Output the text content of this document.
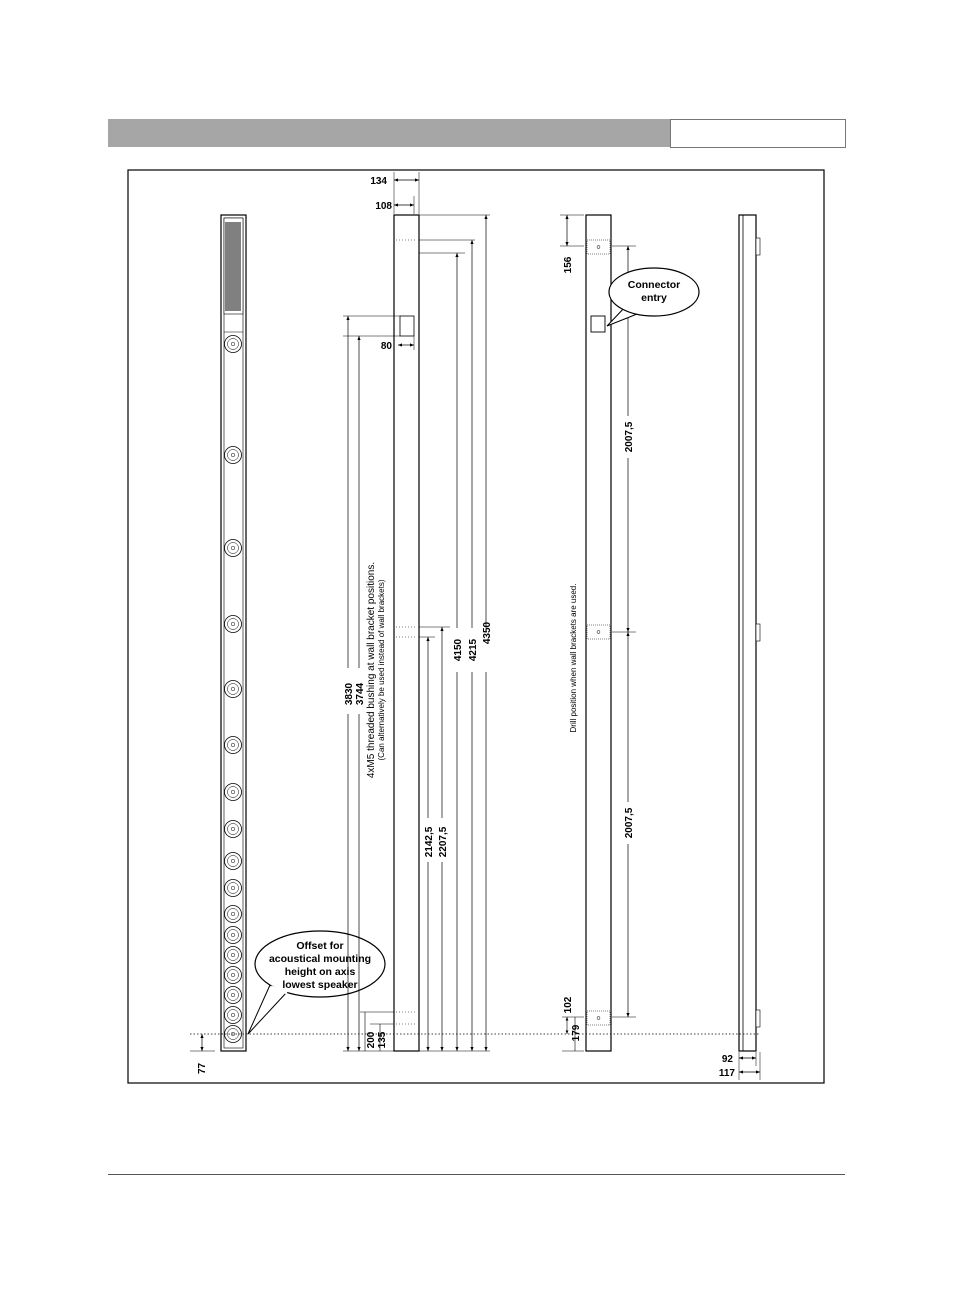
77
Offset for
acoustical mounting
height on axis
lowest speaker
134
108
80
3830 3744 4xM5 threaded bushing at wall bracket positions. (Can alternatively be used instead of wall brackets)
200 135
2142,5 2207,5
4150 4215
4350
156
2007,5
2007,5
Drill position when wall brackets are used.
102
179
Connector
entry
92
117
